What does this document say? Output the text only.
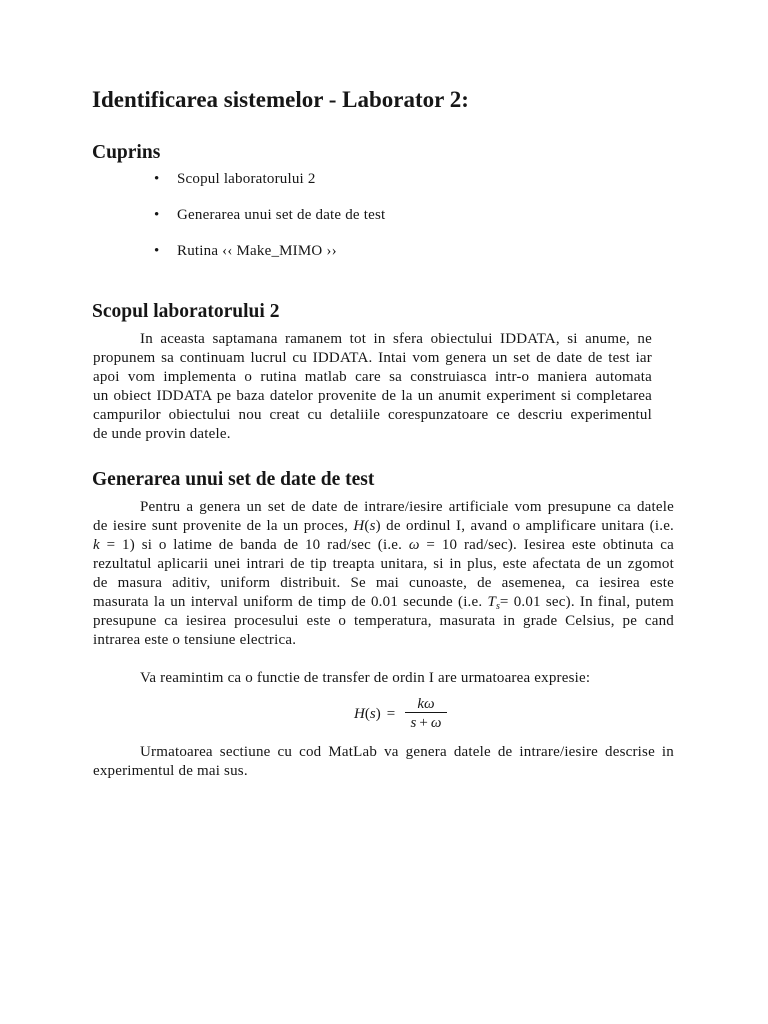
Identificarea sistemelor - Laborator 2:
Cuprins
• Scopul laboratorului 2
• Generarea unui set de date de test
• Rutina ‹‹ Make_MIMO ››
Scopul laboratorului 2
In aceasta saptamana ramanem tot in sfera obiectului IDDATA, si anume, ne
propunem sa continuam lucrul cu IDDATA. Intai vom genera un set de date de test iar
apoi vom implementa o rutina matlab care sa construiasca intr-o maniera automata
un obiect IDDATA pe baza datelor provenite de la un anumit experiment si completarea
campurilor obiectului nou creat cu detaliile corespunzatoare ce descriu experimentul
de unde provin datele.
Generarea unui set de date de test
Pentru a genera un set de date de intrare/iesire artificiale vom presupune ca datele
de iesire sunt provenite de la un proces, H(s) de ordinul I, avand o amplificare unitara (i.e.
k = 1) si o latime de banda de 10 rad/sec (i.e. ω = 10 rad/sec). Iesirea este obtinuta ca
rezultatul aplicarii unei intrari de tip treapta unitara, si in plus, este afectata de un zgomot
de masura aditiv, uniform distribuit. Se mai cunoaste, de asemenea, ca iesirea este
masurata la un interval uniform de timp de 0.01 secunde (i.e. $T_s= 0.01$ sec). In final, putem
presupune ca iesirea procesului este o temperatura, masurata in grade Celsius, pe cand
intrarea este o tensiune electrica.
Va reamintim ca o functie de transfer de ordin I are urmatoarea expresie:
$H(s) = \frac{k\omega}{s + \omega}$
Urmatoarea sectiune cu cod MatLab va genera datele de intrare/iesire descrise in
experimentul de mai sus.
